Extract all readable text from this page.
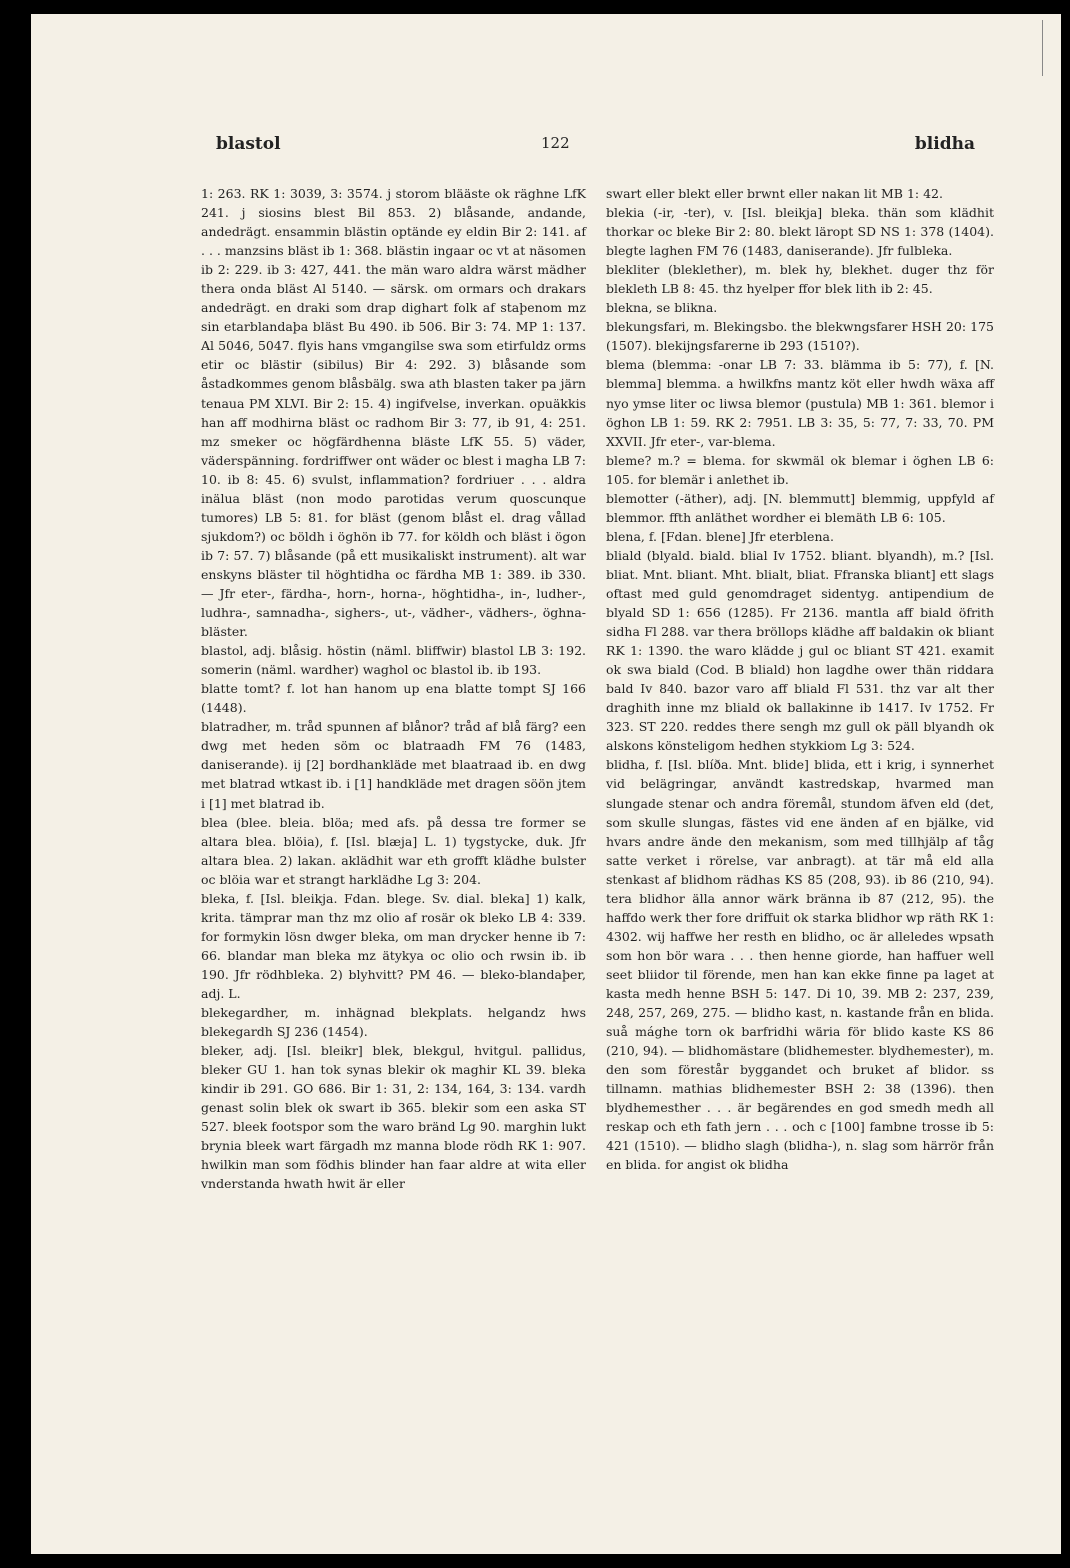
blastol	122	blidha

1: 263. RK 1: 3039, 3: 3574. j storom blääste ok räghne LfK 241. j siosins blest Bil 853. 2) blåsande, andande, andedrägt. ensammin blästin optände ey eldin Bir 2: 141. af . . . manzsins bläst ib 1: 368. blästin ingaar oc vt at näsomen ib 2: 229. ib 3: 427, 441. the män waro aldra wärst mädher thera onda bläst Al 5140. — särsk. om ormars och drakars andedrägt. en draki som drap dighart folk af staþenom mz sin etarblandaþa bläst Bu 490. ib 506. Bir 3: 74. MP 1: 137. Al 5046, 5047. flyis hans vmgangilse swa som etirfuldz orms etir oc blästir (sibilus) Bir 4: 292. 3) blåsande som åstadkommes genom blåsbälg. swa ath blasten taker pa järn tenaua PM XLVI. Bir 2: 15. 4) ingifvelse, inverkan. opuäkkis han aff modhirna bläst oc radhom Bir 3: 77, ib 91, 4: 251. mz smeker oc högfärdhenna bläste LfK 55. 5) väder, väderspänning. fordriffwer ont wäder oc blest i magha LB 7: 10. ib 8: 45. 6) svulst, inflammation? fordriuer . . . aldra inälua bläst (non modo parotidas verum quoscunque tumores) LB 5: 81. for bläst (genom blåst el. drag vållad sjukdom?) oc böldh i öghön ib 77. for köldh och bläst i ögon ib 7: 57. 7) blåsande (på ett musikaliskt instrument). alt war enskyns bläster til höghtidha oc färdha MB 1: 389. ib 330. — Jfr eter-, färdha-, horn-, horna-, höghtidha-, in-, ludher-, ludhra-, samnadha-, sighers-, ut-, vädher-, vädhers-, öghna-bläster.

blastol, adj. blåsig. höstin (näml. bliffwir) blastol LB 3: 192. somerin (näml. wardher) waghol oc blastol ib. ib 193.

blatte tomt? f. lot han hanom up ena blatte tompt SJ 166 (1448).

blatradher, m. tråd spunnen af blånor? tråd af blå färg? een dwg met heden söm oc blatraadh FM 76 (1483, daniserande). ij [2] bordhankläde met blaatraad ib. en dwg met blatrad wtkast ib. i [1] handkläde met dragen söön jtem i [1] met blatrad ib.

blea (blee. bleia. blöa; med afs. på dessa tre former se altara blea. blöia), f. [Isl. blæja] L. 1) tygstycke, duk. Jfr altara blea. 2) lakan. aklädhit war eth grofft klädhe bulster oc blöia war et strangt harklädhe Lg 3: 204.

bleka, f. [Isl. bleikja. Fdan. blege. Sv. dial. bleka] 1) kalk, krita. tämprar man thz mz olio af rosär ok bleko LB 4: 339. for formykin lösn dwger bleka, om man drycker henne ib 7: 66. blandar man bleka mz ätykya oc olio och rwsin ib. ib 190. Jfr rödhbleka. 2) blyhvitt? PM 46. — bleko-blandaþer, adj. L.

blekegardher, m. inhägnad blekplats. helgandz hws blekegardh SJ 236 (1454).

bleker, adj. [Isl. bleikr] blek, blekgul, hvitgul. pallidus, bleker GU 1. han tok synas blekir ok maghir KL 39. bleka kindir ib 291. GO 686. Bir 1: 31, 2: 134, 164, 3: 134. vardh genast solin blek ok swart ib 365. blekir som een aska ST 527. bleek footspor som the waro bränd Lg 90. marghin lukt brynia bleek wart färgadh mz manna blode rödh RK 1: 907. hwilkin man som födhis blinder han faar aldre at wita eller vnderstanda hwath hwit är eller

swart eller blekt eller brwnt eller nakan lit MB 1: 42.

blekia (-ir, -ter), v. [Isl. bleikja] bleka. thän som klädhit thorkar oc bleke Bir 2: 80. blekt läropt SD NS 1: 378 (1404). blegte laghen FM 76 (1483, daniserande). Jfr fulbleka.

blekliter (bleklether), m. blek hy, blekhet. duger thz för blekleth LB 8: 45. thz hyelper ffor blek lith ib 2: 45.

blekna, se blikna.

blekungsfari, m. Blekingsbo. the blekwngsfarer HSH 20: 175 (1507). blekijngsfarerne ib 293 (1510?).

blema (blemma: -onar LB 7: 33. blämma ib 5: 77), f. [N. blemma] blemma. a hwilkfns mantz köt eller hwdh wäxa aff nyo ymse liter oc liwsa blemor (pustula) MB 1: 361. blemor i öghon LB 1: 59. RK 2: 7951. LB 3: 35, 5: 77, 7: 33, 70. PM XXVII. Jfr eter-, var-blema.

bleme? m.? = blema. for skwmäl ok blemar i öghen LB 6: 105. for blemär i anlethet ib.

blemotter (-äther), adj. [N. blemmutt] blemmig, uppfyld af blemmor. ffth anläthet wordher ei blemäth LB 6: 105.

blena, f. [Fdan. blene] Jfr eterblena.

bliald (blyald. biald. blial Iv 1752. bliant. blyandh), m.? [Isl. bliat. Mnt. bliant. Mht. blialt, bliat. Ffranska bliant] ett slags oftast med guld genomdraget sidentyg. antipendium de blyald SD 1: 656 (1285). Fr 2136. mantla aff biald öfrith sidha Fl 288. var thera bröllops klädhe aff baldakin ok bliant RK 1: 1390. the waro klädde j gul oc bliant ST 421. examit ok swa biald (Cod. B bliald) hon lagdhe ower thän riddara bald Iv 840. bazor varo aff bliald Fl 531. thz var alt ther draghith inne mz bliald ok ballakinne ib 1417. Iv 1752. Fr 323. ST 220. reddes there sengh mz gull ok päll blyandh ok alskons könsteligom hedhen stykkiom Lg 3: 524.

blidha, f. [Isl. blíða. Mnt. blide] blida, ett i krig, i synnerhet vid belägringar, användt kastredskap, hvarmed man slungade stenar och andra föremål, stundom äfven eld (det, som skulle slungas, fästes vid ene änden af en bjälke, vid hvars andre ände den mekanism, som med tillhjälp af tåg satte verket i rörelse, var anbragt). at tär må eld alla stenkast af blidhom rädhas KS 85 (208, 93). ib 86 (210, 94). tera blidhor älla annor wärk bränna ib 87 (212, 95). the haffdo werk ther fore driffuit ok starka blidhor wp räth RK 1: 4302. wij haffwe her resth en blidho, oc är alleledes wpsath som hon bör wara . . . then henne giorde, han haffuer well seet bliidor til förende, men han kan ekke finne pa laget at kasta medh henne BSH 5: 147. Di 10, 39. MB 2: 237, 239, 248, 257, 269, 275. — blidho kast, n. kastande från en blida. suå mághe torn ok barfridhi wäria för blido kaste KS 86 (210, 94). — blidhomästare (blidhemester. blydhemester), m. den som förestår byggandet och bruket af blidor. ss tillnamn. mathias blidhemester BSH 2: 38 (1396). then blydhemesther . . . är begärendes en god smedh medh all reskap och eth fath jern . . . och c [100] fambne trosse ib 5: 421 (1510). — blidho slagh (blidha-), n. slag som härrör från en blida. for angist ok blidha
